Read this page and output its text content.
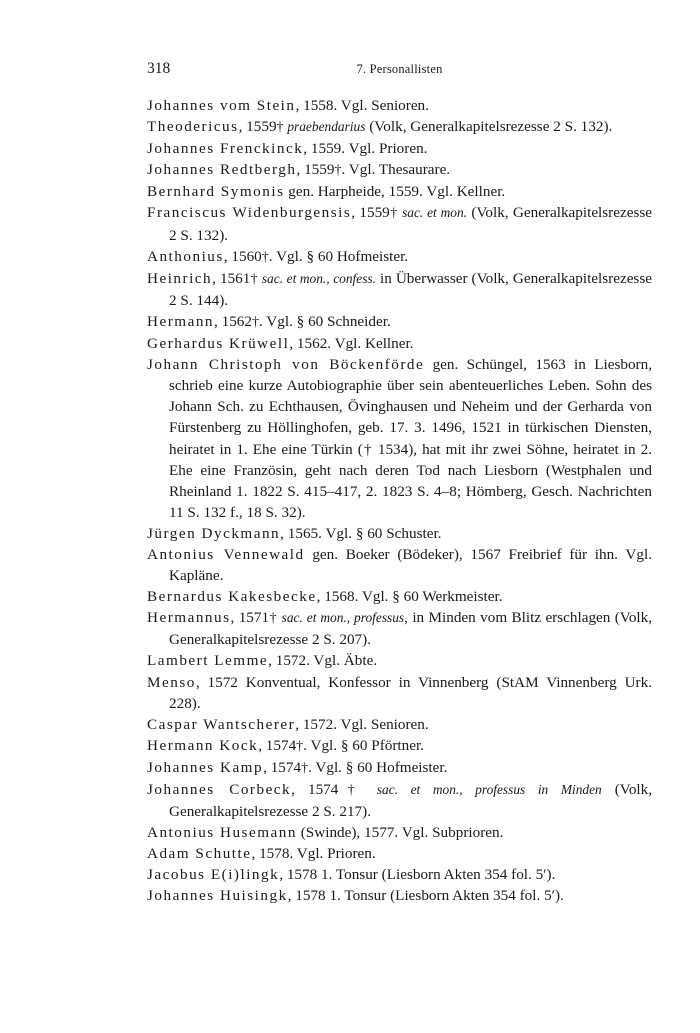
318	7. Personallisten
Johannes vom Stein, 1558. Vgl. Senioren.
Theodericus, 1559† praebendarius (Volk, Generalkapitelsrezesse 2 S. 132).
Johannes Frenckinck, 1559. Vgl. Prioren.
Johannes Redtbergh, 1559†. Vgl. Thesaurare.
Bernhard Symonis gen. Harpheide, 1559. Vgl. Kellner.
Franciscus Widenburgensis, 1559† sac. et mon. (Volk, Generalkapitelsrezesse 2 S. 132).
Anthonius, 1560†. Vgl. § 60 Hofmeister.
Heinrich, 1561† sac. et mon., confess. in Überwasser (Volk, Generalkapitelsrezesse 2 S. 144).
Hermann, 1562†. Vgl. § 60 Schneider.
Gerhardus Krüwell, 1562. Vgl. Kellner.
Johann Christoph von Böckenförde gen. Schüngel, 1563 in Liesborn, schrieb eine kurze Autobiographie über sein abenteuerliches Leben. Sohn des Johann Sch. zu Echthausen, Övinghausen und Neheim und der Gerharda von Fürstenberg zu Höllinghofen, geb. 17. 3. 1496, 1521 in türkischen Diensten, heiratet in 1. Ehe eine Türkin († 1534), hat mit ihr zwei Söhne, heiratet in 2. Ehe eine Französin, geht nach deren Tod nach Liesborn (Westphalen und Rheinland 1. 1822 S. 415–417, 2. 1823 S. 4–8; Hömberg, Gesch. Nachrichten 11 S. 132 f., 18 S. 32).
Jürgen Dyckmann, 1565. Vgl. § 60 Schuster.
Antonius Vennewald gen. Boeker (Bödeker), 1567 Freibrief für ihn. Vgl. Kapläne.
Bernardus Kakesbecke, 1568. Vgl. § 60 Werkmeister.
Hermannus, 1571† sac. et mon., professus, in Minden vom Blitz erschlagen (Volk, Generalkapitelsrezesse 2 S. 207).
Lambert Lemme, 1572. Vgl. Äbte.
Menso, 1572 Konventual, Konfessor in Vinnenberg (StAM Vinnenberg Urk. 228).
Caspar Wantscherer, 1572. Vgl. Senioren.
Hermann Kock, 1574†. Vgl. § 60 Pförtner.
Johannes Kamp, 1574†. Vgl. § 60 Hofmeister.
Johannes Corbeck, 1574† sac. et mon., professus in Minden (Volk, Generalkapitelsrezesse 2 S. 217).
Antonius Husemann (Swinde), 1577. Vgl. Subprioren.
Adam Schutte, 1578. Vgl. Prioren.
Jacobus E(i)lingk, 1578 1. Tonsur (Liesborn Akten 354 fol. 5′).
Johannes Huisingk, 1578 1. Tonsur (Liesborn Akten 354 fol. 5′).
